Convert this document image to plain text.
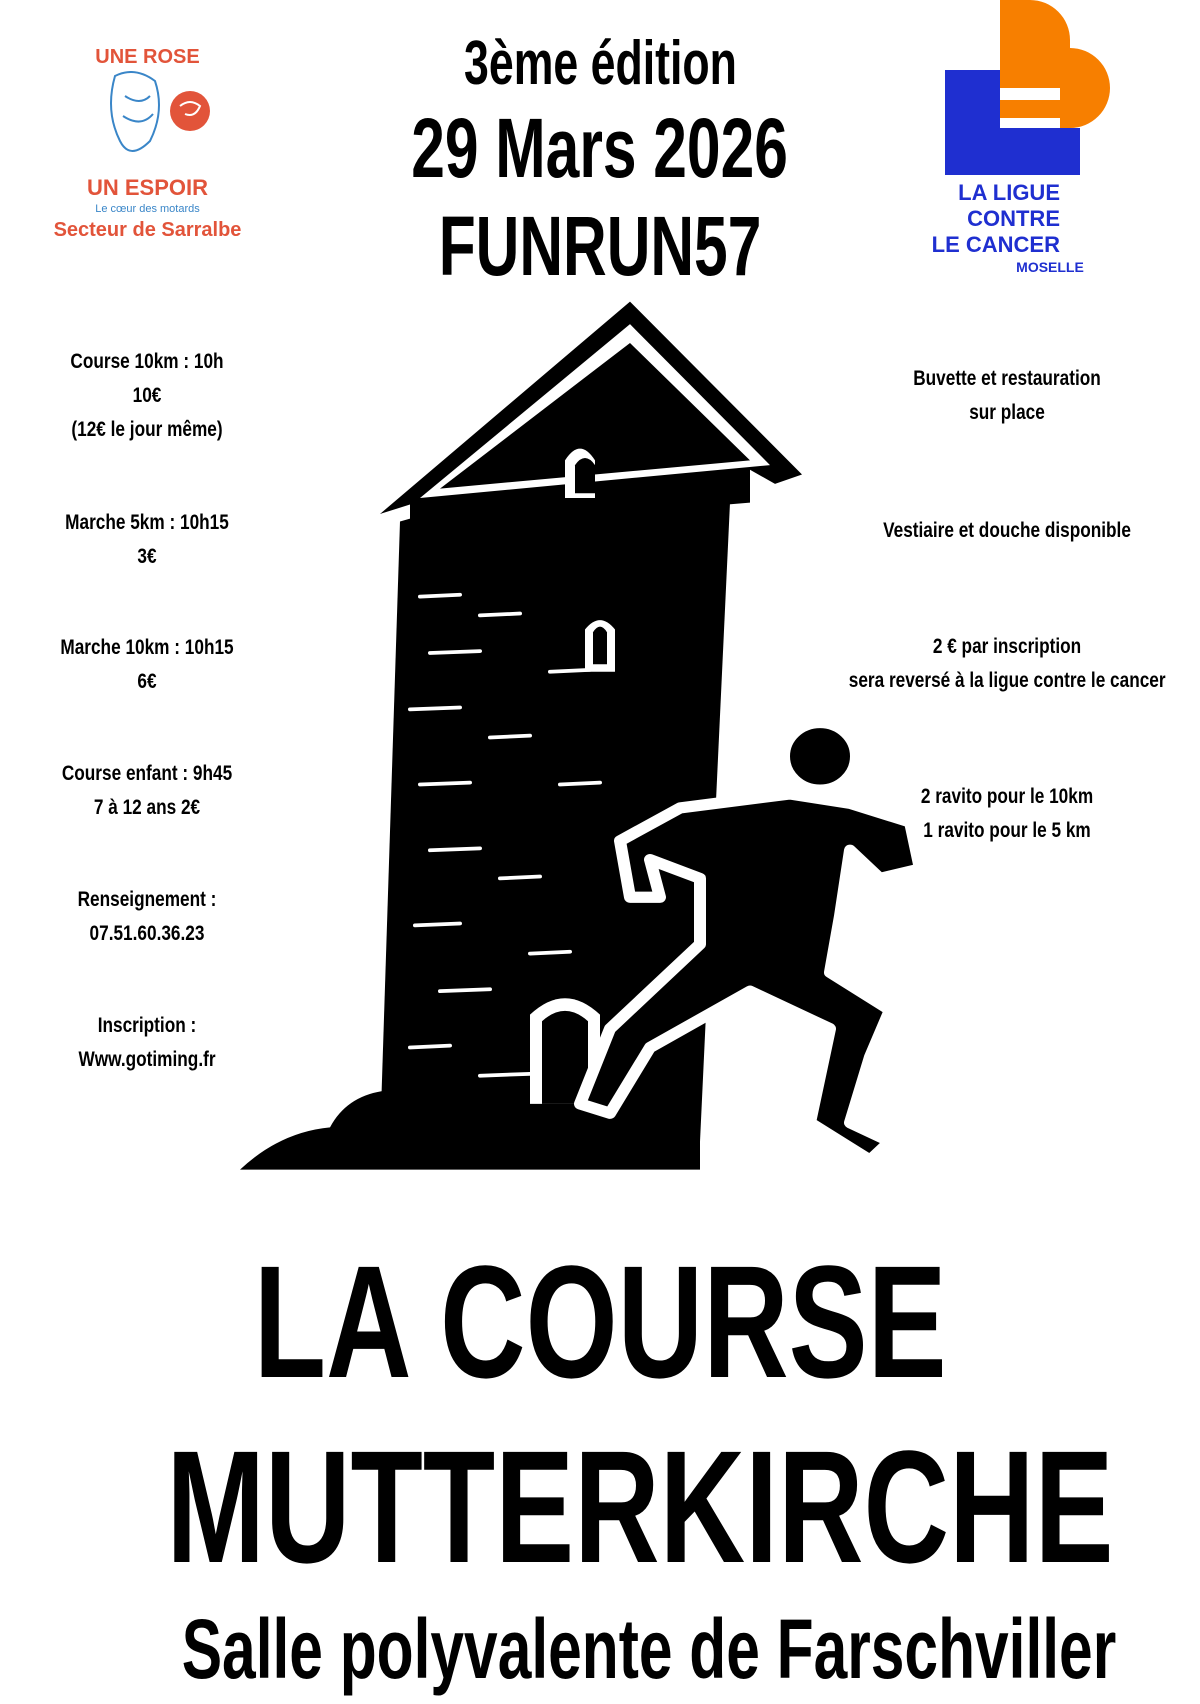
3ème édition
29 Mars 2026
FUNRUN57
UNE ROSE
UN ESPOIR
Le cœur des motards
Secteur de Sarralbe
LA LIGUE
CONTRE
LE CANCER
MOSELLE
Course 10km : 10h
10€
(12€ le jour même)
Marche 5km : 10h15
3€
Marche 10km : 10h15
6€
Course enfant : 9h45
7 à 12 ans 2€
Renseignement :
07.51.60.36.23
Inscription :
Www.gotiming.fr
Buvette et restauration
sur place
Vestiaire et douche disponible
2 € par inscription
sera reversé à la ligue contre le cancer
2 ravito pour le 10km
1 ravito pour le 5 km
LA COURSE
MUTTERKIRCHE
Salle polyvalente de Farschviller
